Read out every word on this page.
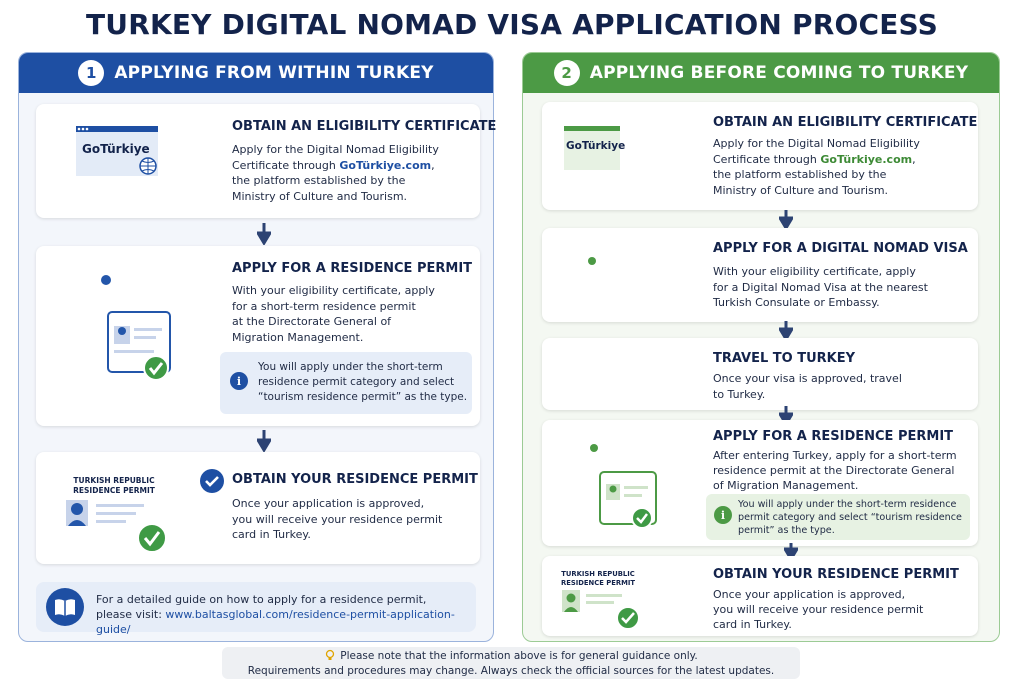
TURKEY DIGITAL NOMAD VISA APPLICATION PROCESS
1	APPLYING FROM WITHIN TURKEY
GoTürkiye
1	OBTAIN AN ELIGIBILITY CERTIFICATE
Apply for the Digital Nomad Eligibility
Certificate through GoTürkiye.com,
the platform established by the
Ministry of Culture and Tourism.
2	APPLY FOR A RESIDENCE PERMIT
With your eligibility certificate, apply
for a short-term residence permit
at the Directorate General of
Migration Management.
i
You will apply under the short-term
residence permit category and select
“tourism residence permit” as the type.
TURKISH REPUBLIC
RESIDENCE PERMIT
OBTAIN YOUR RESIDENCE PERMIT
Once your application is approved,
you will receive your residence permit
card in Turkey.
For a detailed guide on how to apply for a residence permit,
please visit: www.baltasglobal.com/residence-permit-application-guide/
2	APPLYING BEFORE COMING TO TURKEY
GoTürkiye
1	OBTAIN AN ELIGIBILITY CERTIFICATE
Apply for the Digital Nomad Eligibility
Certificate through GoTürkiye.com,
the platform established by the
Ministry of Culture and Tourism.
2	APPLY FOR A DIGITAL NOMAD VISA
With your eligibility certificate, apply
for a Digital Nomad Visa at the nearest
Turkish Consulate or Embassy.
3	TRAVEL TO TURKEY
Once your visa is approved, travel
to Turkey.
4	APPLY FOR A RESIDENCE PERMIT
After entering Turkey, apply for a short-term
residence permit at the Directorate General
of Migration Management.
i
You will apply under the short-term residence
permit category and select “tourism residence
permit” as the type.
TURKISH REPUBLIC
RESIDENCE PERMIT	5	OBTAIN YOUR RESIDENCE PERMIT
Once your application is approved,
you will receive your residence permit
card in Turkey.
Please note that the information above is for general guidance only.
Requirements and procedures may change. Always check the official sources for the latest updates.
